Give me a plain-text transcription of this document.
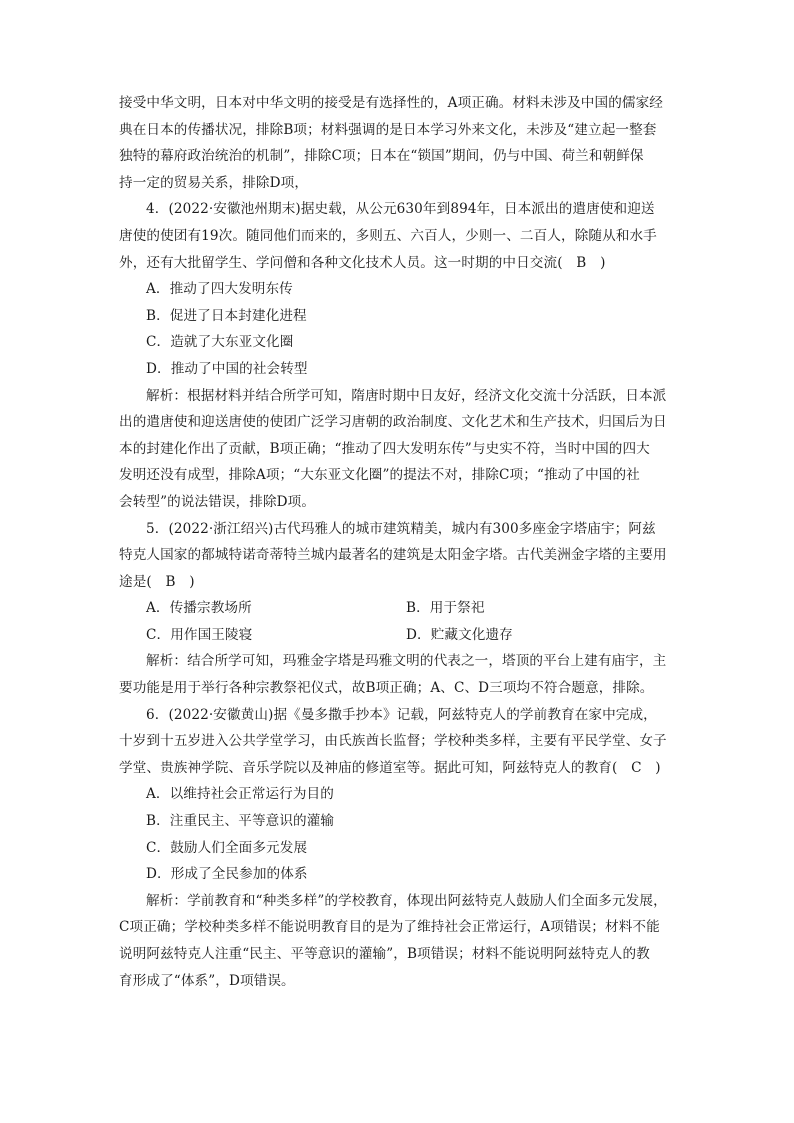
接受中华文明，日本对中华文明的接受是有选择性的，A项正确。材料未涉及中国的儒家经
典在日本的传播状况，排除B项；材料强调的是日本学习外来文化，未涉及“建立起一整套
独特的幕府政治统治的机制”，排除C项；日本在“锁国”期间，仍与中国、荷兰和朝鲜保
持一定的贸易关系，排除D项，
4．(2022·安徽池州期末)据史载，从公元630年到894年，日本派出的遣唐使和迎送
唐使的使团有19次。随同他们而来的，多则五、六百人，少则一、二百人，除随从和水手
外，还有大批留学生、学问僧和各种文化技术人员。这一时期的中日交流(　B　)
A．推动了四大发明东传
B．促进了日本封建化进程
C．造就了大东亚文化圈
D．推动了中国的社会转型
解析：根据材料并结合所学可知，隋唐时期中日友好，经济文化交流十分活跃，日本派
出的遣唐使和迎送唐使的使团广泛学习唐朝的政治制度、文化艺术和生产技术，归国后为日
本的封建化作出了贡献，B项正确；“推动了四大发明东传”与史实不符，当时中国的四大
发明还没有成型，排除A项；“大东亚文化圈”的提法不对，排除C项；“推动了中国的社
会转型”的说法错误，排除D项。
5．(2022·浙江绍兴)古代玛雅人的城市建筑精美，城内有300多座金字塔庙宇；阿兹
特克人国家的都城特诺奇蒂特兰城内最著名的建筑是太阳金字塔。古代美洲金字塔的主要用
途是(　B　)
A．传播宗教场所	B．用于祭祀
C．用作国王陵寝	D．贮藏文化遗存
解析：结合所学可知，玛雅金字塔是玛雅文明的代表之一，塔顶的平台上建有庙宇，主
要功能是用于举行各种宗教祭祀仪式，故B项正确；A、C、D三项均不符合题意，排除。
6．(2022·安徽黄山)据《曼多撒手抄本》记载，阿兹特克人的学前教育在家中完成，
十岁到十五岁进入公共学堂学习，由氏族酋长监督；学校种类多样，主要有平民学堂、女子
学堂、贵族神学院、音乐学院以及神庙的修道室等。据此可知，阿兹特克人的教育(　C　)
A．以维持社会正常运行为目的
B．注重民主、平等意识的灌输
C．鼓励人们全面多元发展
D．形成了全民参加的体系
解析：学前教育和“种类多样”的学校教育，体现出阿兹特克人鼓励人们全面多元发展，
C项正确；学校种类多样不能说明教育目的是为了维持社会正常运行，A项错误；材料不能
说明阿兹特克人注重“民主、平等意识的灌输”，B项错误；材料不能说明阿兹特克人的教
育形成了“体系”，D项错误。
